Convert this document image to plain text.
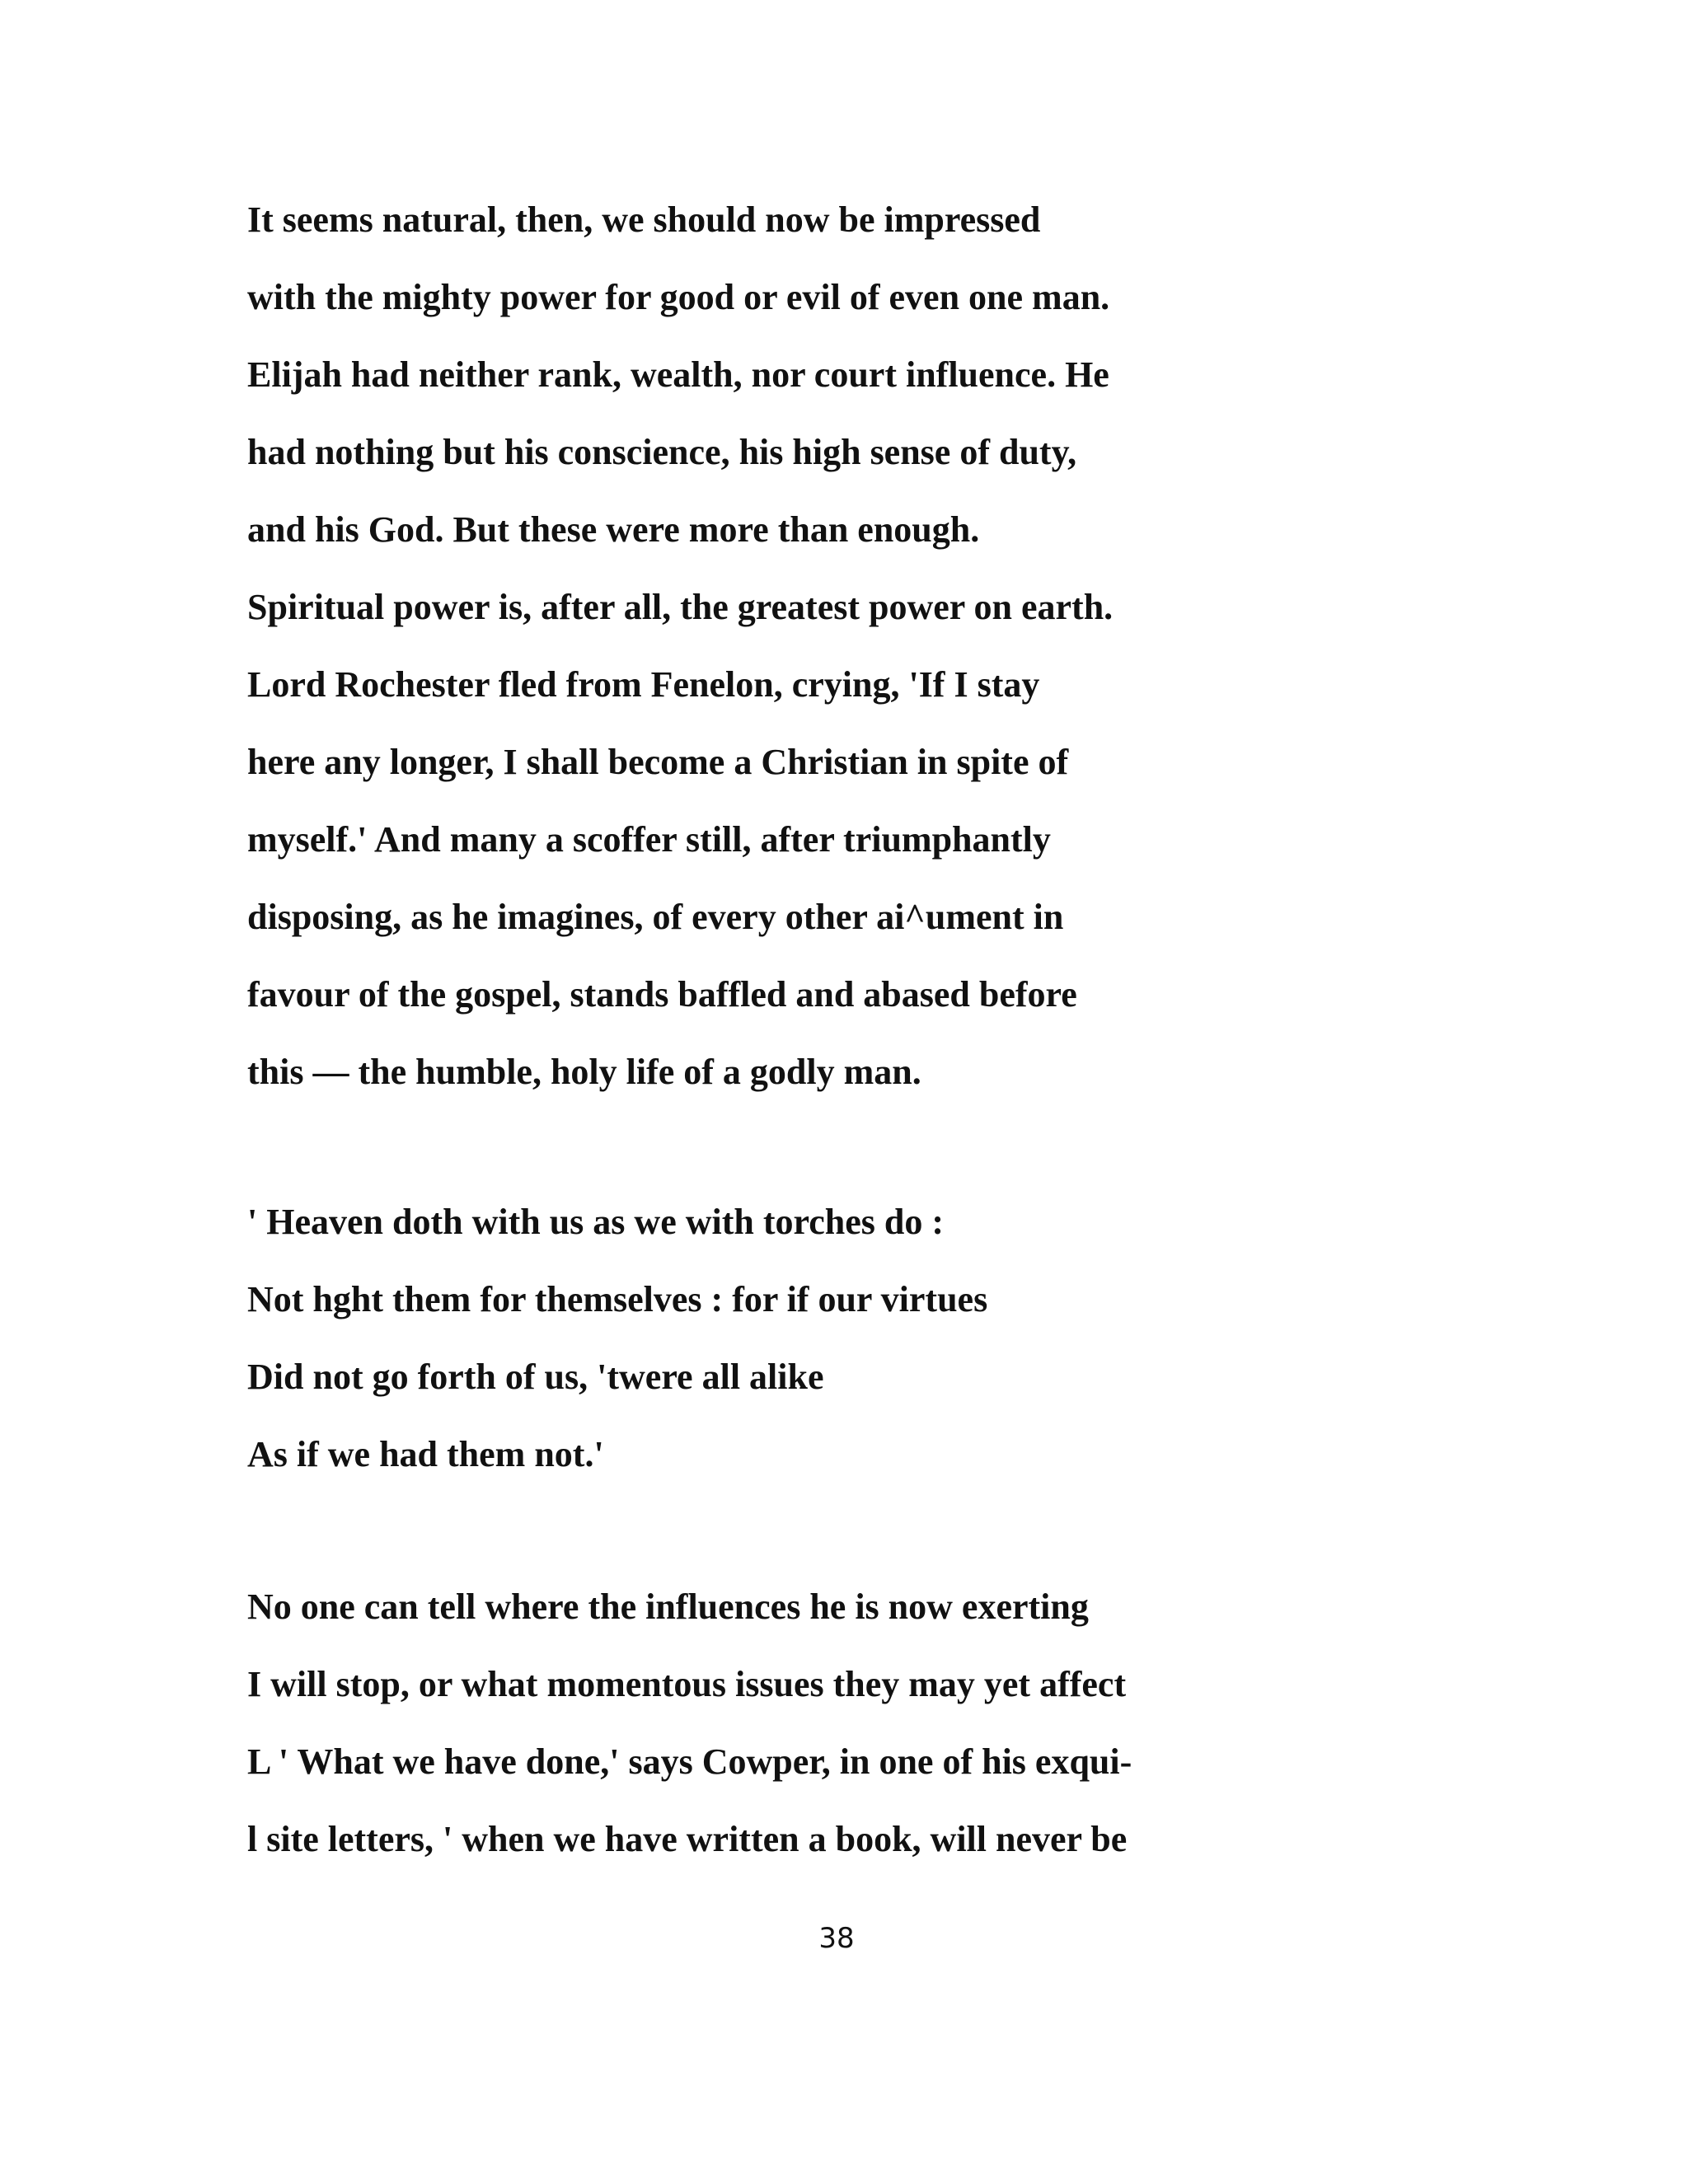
It seems natural, then, we should now be impressed
with the mighty power for good or evil of even one man.
Elijah had neither rank, wealth, nor court influence. He
had nothing but his conscience, his high sense of duty,
and his God. But these were more than enough.
Spiritual power is, after all, the greatest power on earth.
Lord Rochester fled from Fenelon, crying, 'If I stay
here any longer, I shall become a Christian in spite of
myself.' And many a scoffer still, after triumphantly
disposing, as he imagines, of every other ai^ument in
favour of the gospel, stands baffled and abased before
this — the humble, holy life of a godly man.
' Heaven doth with us as we with torches do :
Not hght them for themselves : for if our virtues
Did not go forth of us, 'twere all alike
As if we had them not.'
No one can tell where the influences he is now exerting
I will stop, or what momentous issues they may yet affect
L ' What we have done,' says Cowper, in one of his exqui-
l site letters, ' when we have written a book, will never be
38
